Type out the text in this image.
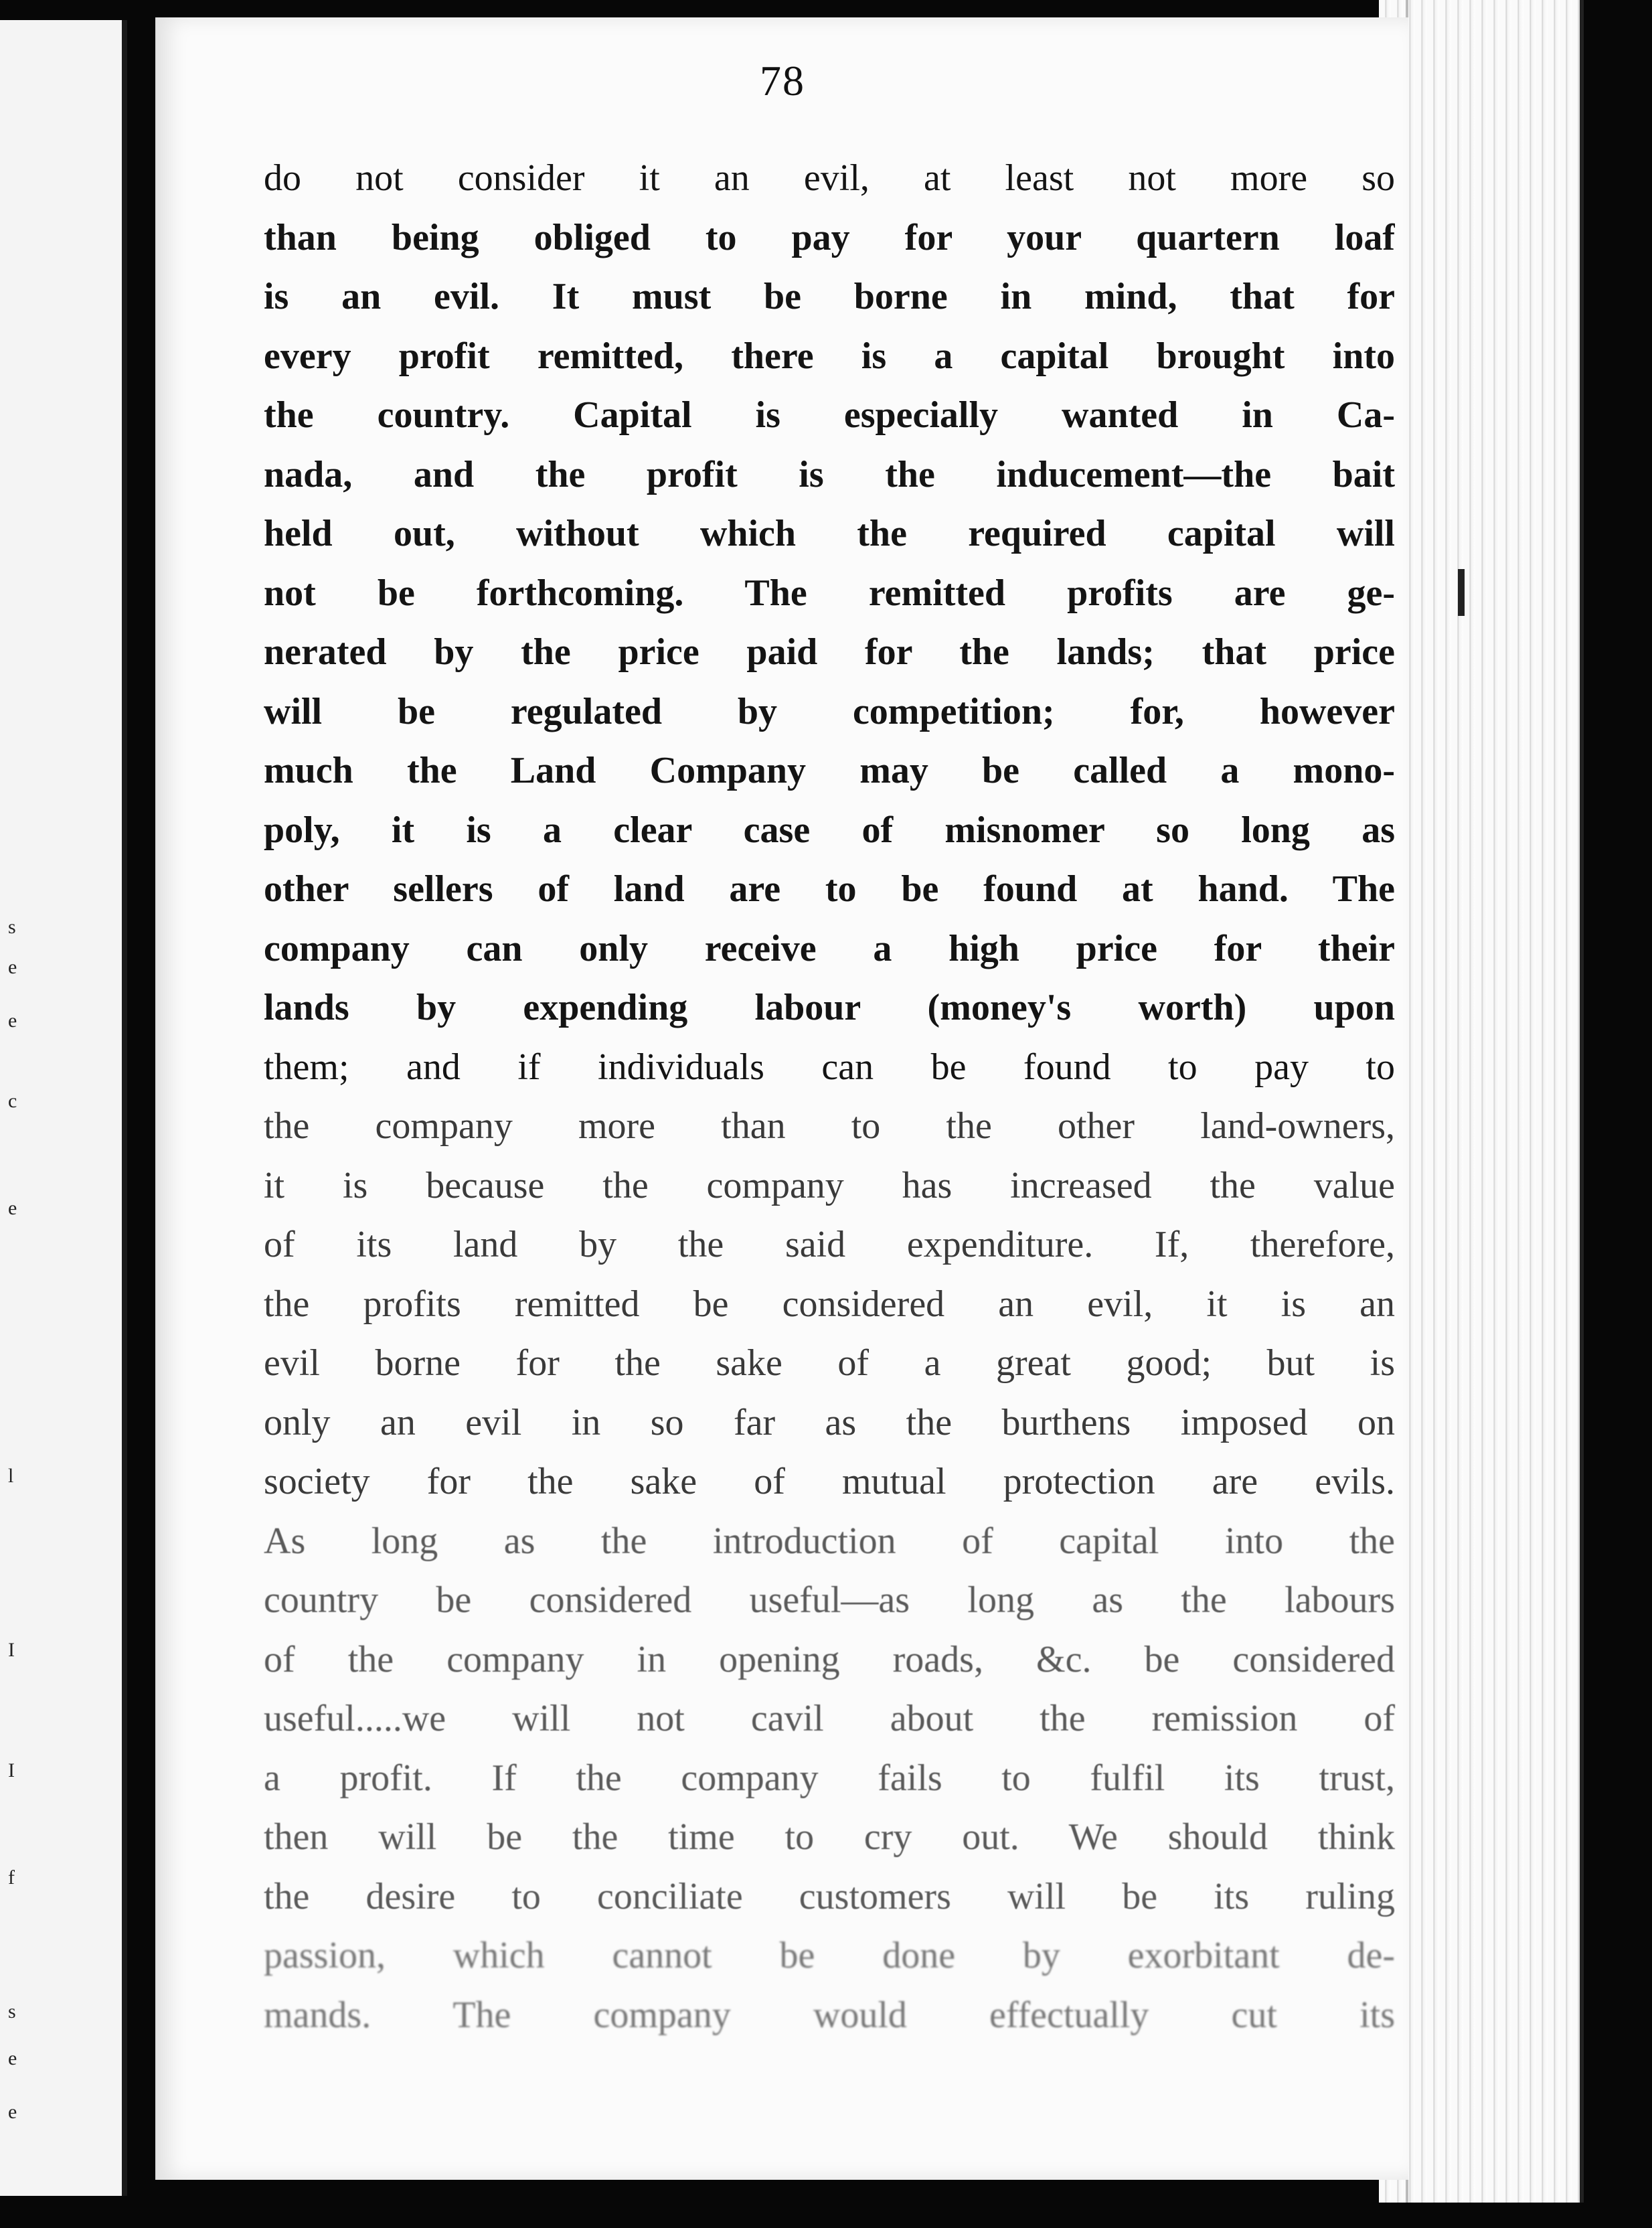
s
e
e
c
e
l
I
I
f
s
e
e
78
do not consider it an evil, at least not more so
than being obliged to pay for your quartern loaf
is an evil. It must be borne in mind, that for
every profit remitted, there is a capital brought into
the country. Capital is especially wanted in Ca-
nada, and the profit is the inducement—the bait
held out, without which the required capital will
not be forthcoming. The remitted profits are ge-
nerated by the price paid for the lands; that price
will be regulated by competition; for, however
much the Land Company may be called a mono-
poly, it is a clear case of misnomer so long as
other sellers of land are to be found at hand. The
company can only receive a high price for their
lands by expending labour (money's worth) upon
them; and if individuals can be found to pay to
the company more than to the other land-owners,
it is because the company has increased the value
of its land by the said expenditure. If, therefore,
the profits remitted be considered an evil, it is an
evil borne for the sake of a great good; but is
only an evil in so far as the burthens imposed on
society for the sake of mutual protection are evils.
As long as the introduction of capital into the
country be considered useful—as long as the labours
of the company in opening roads, &c. be considered
useful.....we will not cavil about the remission of
a profit. If the company fails to fulfil its trust,
then will be the time to cry out. We should think
the desire to conciliate customers will be its ruling
passion, which cannot be done by exorbitant de-
mands. The company would effectually cut its
